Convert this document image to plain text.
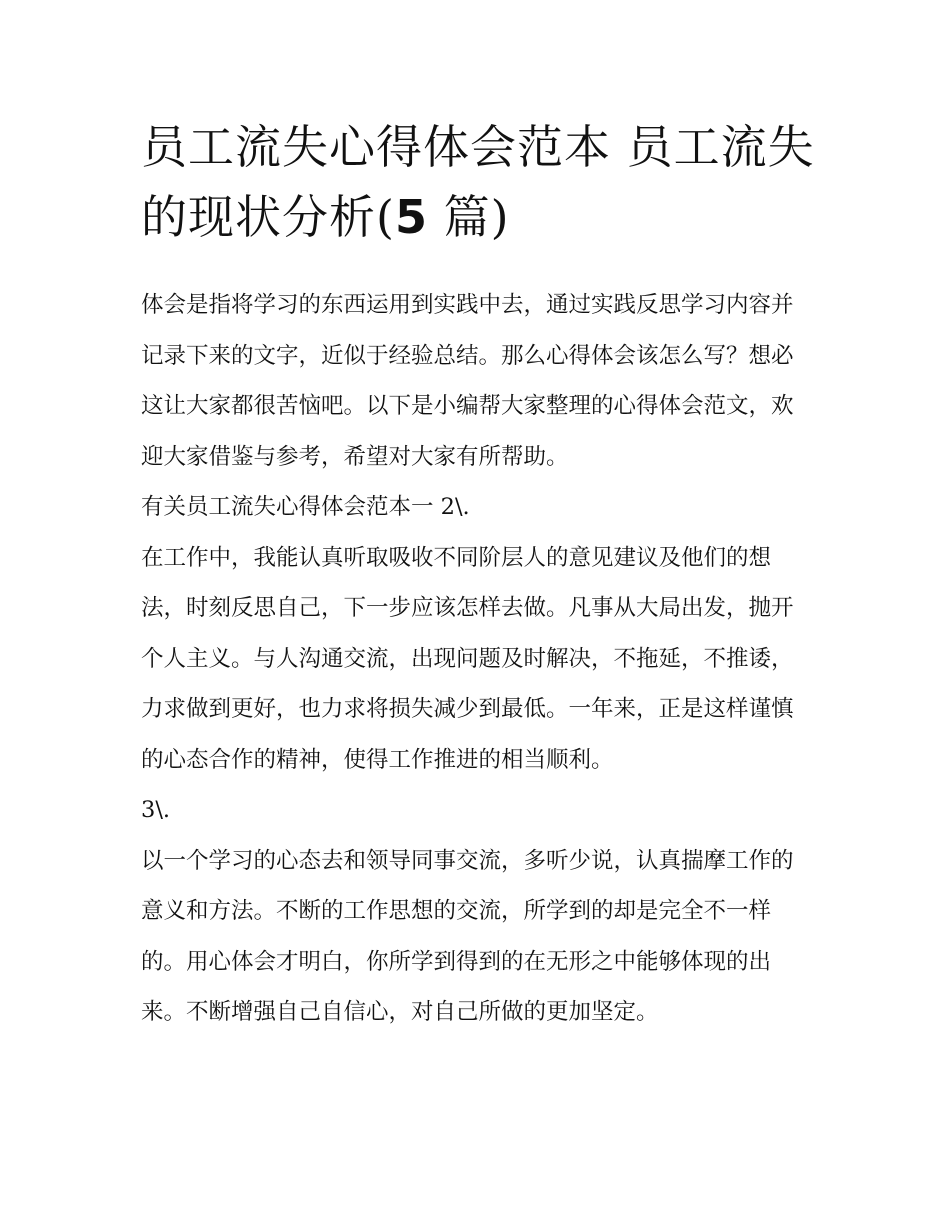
员工流失心得体会范本 员工流失的现状分析(5 篇)

体会是指将学习的东西运用到实践中去，通过实践反思学习内容并记录下来的文字，近似于经验总结。那么心得体会该怎么写？想必这让大家都很苦恼吧。以下是小编帮大家整理的心得体会范文，欢迎大家借鉴与参考，希望对大家有所帮助。

有关员工流失心得体会范本一 2\.

在工作中，我能认真听取吸收不同阶层人的意见建议及他们的想法，时刻反思自己，下一步应该怎样去做。凡事从大局出发，抛开个人主义。与人沟通交流，出现问题及时解决，不拖延，不推诿，力求做到更好，也力求将损失减少到最低。一年来，正是这样谨慎的心态合作的精神，使得工作推进的相当顺利。

3\.

以一个学习的心态去和领导同事交流，多听少说，认真揣摩工作的意义和方法。不断的工作思想的交流，所学到的却是完全不一样的。用心体会才明白，你所学到得到的在无形之中能够体现的出来。不断增强自己自信心，对自己所做的更加坚定。
